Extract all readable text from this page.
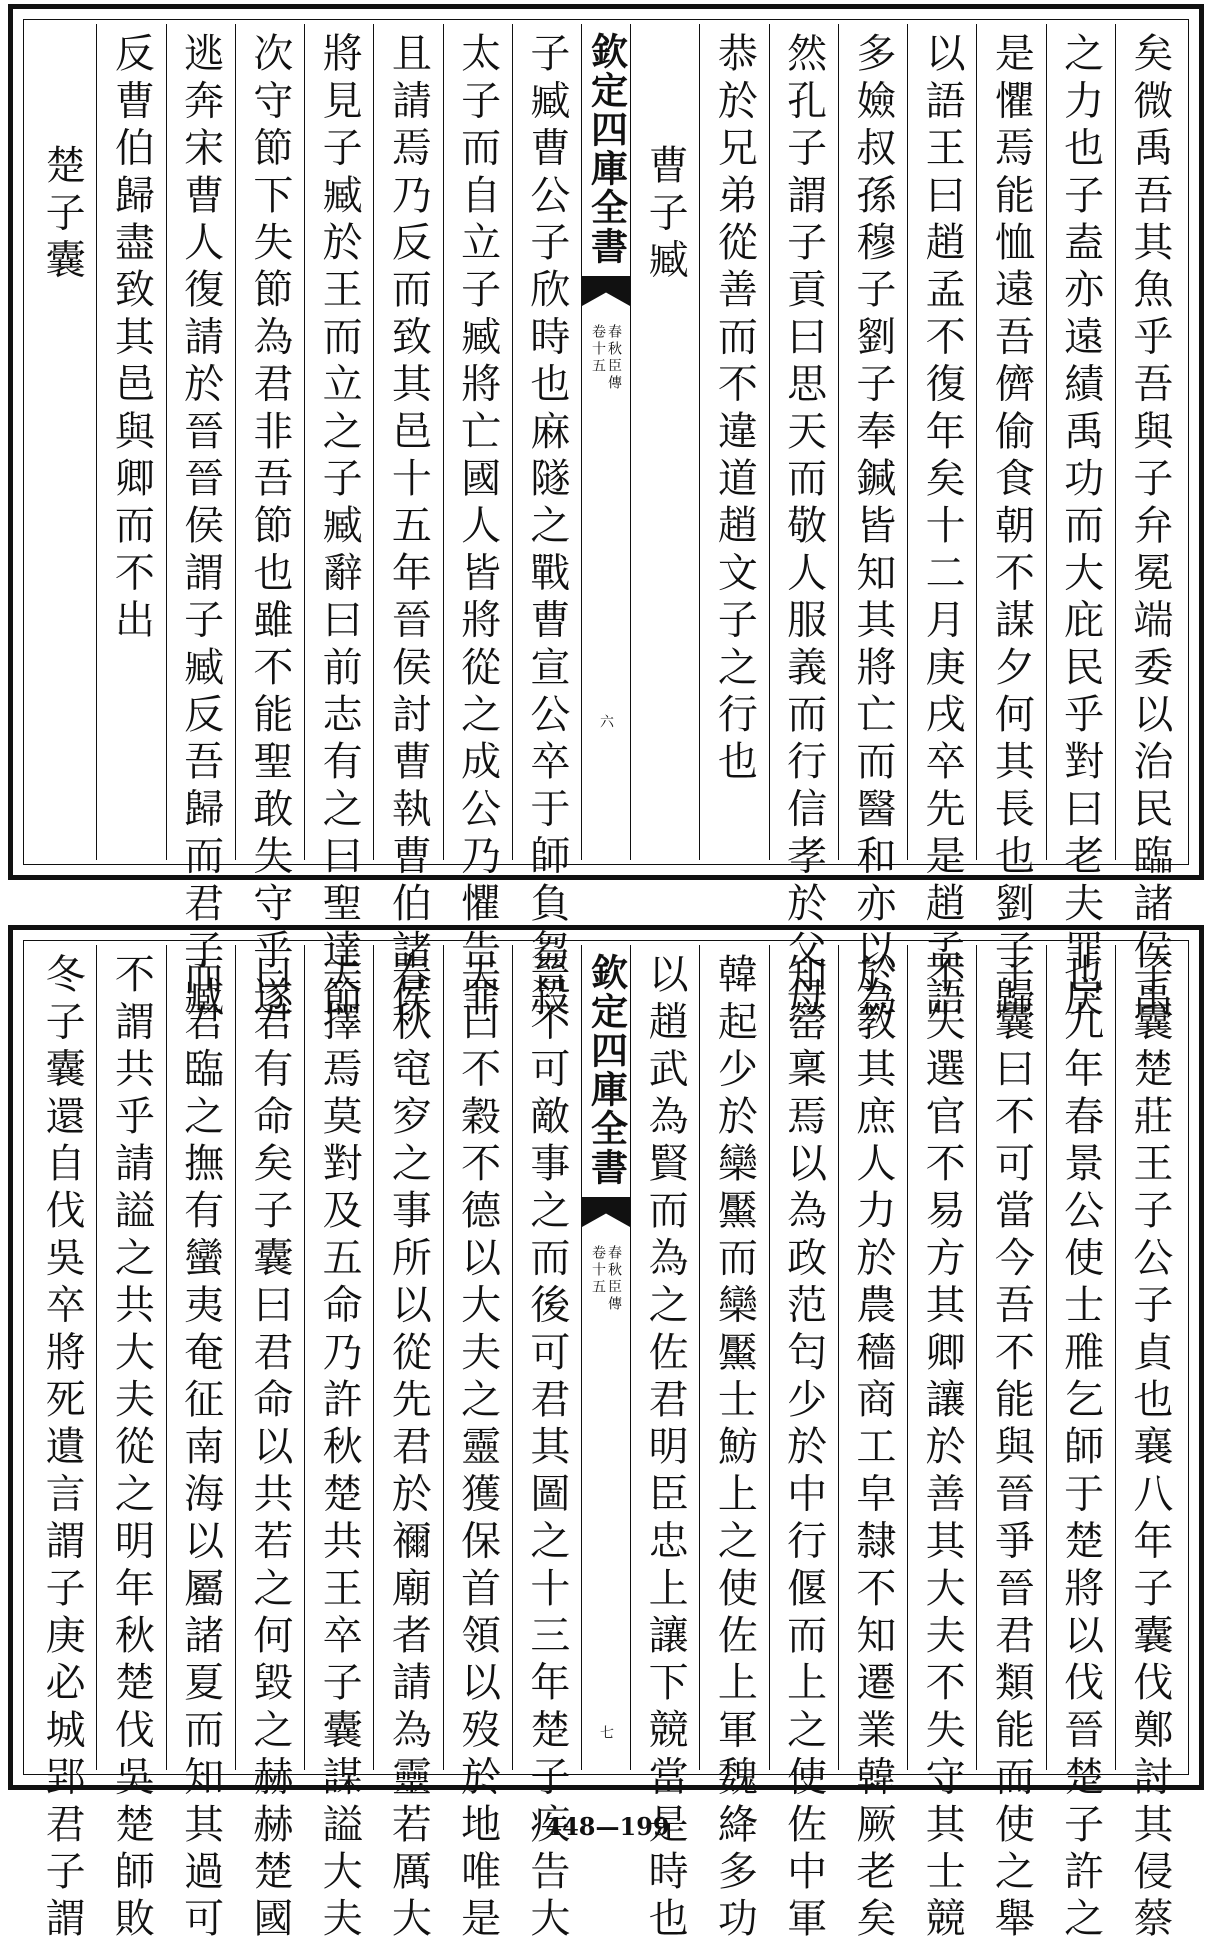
矣微禹吾其魚乎吾與子弁冕端委以治民臨諸侯禹
之力也子盍亦遠績禹功而大庇民乎對曰老夫罪戾
是懼焉能恤遠吾儕偷食朝不謀夕何其長也劉子歸
以語王曰趙孟不復年矣十二月庚戌卒先是趙孟語
多嬐叔孫穆子劉子奉鍼皆知其將亡而醫和亦以為
然孔子謂子貢曰思天而敬人服義而行信孝於父母
恭於兄弟從善而不違道趙文子之行也
曹子臧
欽定四庫全書
春秋臣傳
卷十五
六
子臧曹公子欣時也麻隧之戰曹宣公卒于師負芻殺
太子而自立子臧將亡國人皆將從之成公乃懼告罪
且請焉乃反而致其邑十五年晉侯討曹執曹伯諸侯
將見子臧於王而立之子臧辭曰前志有之曰聖達節
次守節下失節為君非吾節也雖不能聖敢失守乎遂
逃奔宋曹人復請於晉晉侯謂子臧反吾歸而君子臧
反曹伯歸盡致其邑與卿而不出
楚子囊
子囊楚莊王子公子貞也襄八年子囊伐鄭討其侵蔡
也九年春景公使士雃乞師于楚將以伐晉楚子許之
子囊曰不可當今吾不能與晉爭晉君類能而使之舉
不失選官不易方其卿讓於善其大夫不失守其士競
於教其庶人力於農穡商工皁隸不知遷業韓厥老矣
知罃稟焉以為政范匄少於中行偃而上之使佐中軍
韓起少於欒黶而欒黶士魴上之使佐上軍魏絳多功
以趙武為賢而為之佐君明臣忠上讓下競當是時也
欽定四庫全書
春秋臣傳
卷十五
七
晉不可敵事之而後可君其圖之十三年楚子疾告大
夫曰不穀不德以大夫之靈獲保首領以歿於地唯是
春秋窀穸之事所以從先君於禰廟者請為靈若厲大
夫擇焉莫對及五命乃許秋楚共王卒子囊謀謚大夫
曰君有命矣子囊曰君命以共若之何毀之赫赫楚國
而君臨之撫有蠻夷奄征南海以屬諸夏而知其過可
不謂共乎請謚之共大夫從之明年秋楚伐吳楚師敗
冬子囊還自伐吳卒將死遺言謂子庚必城郢君子謂	448—199
